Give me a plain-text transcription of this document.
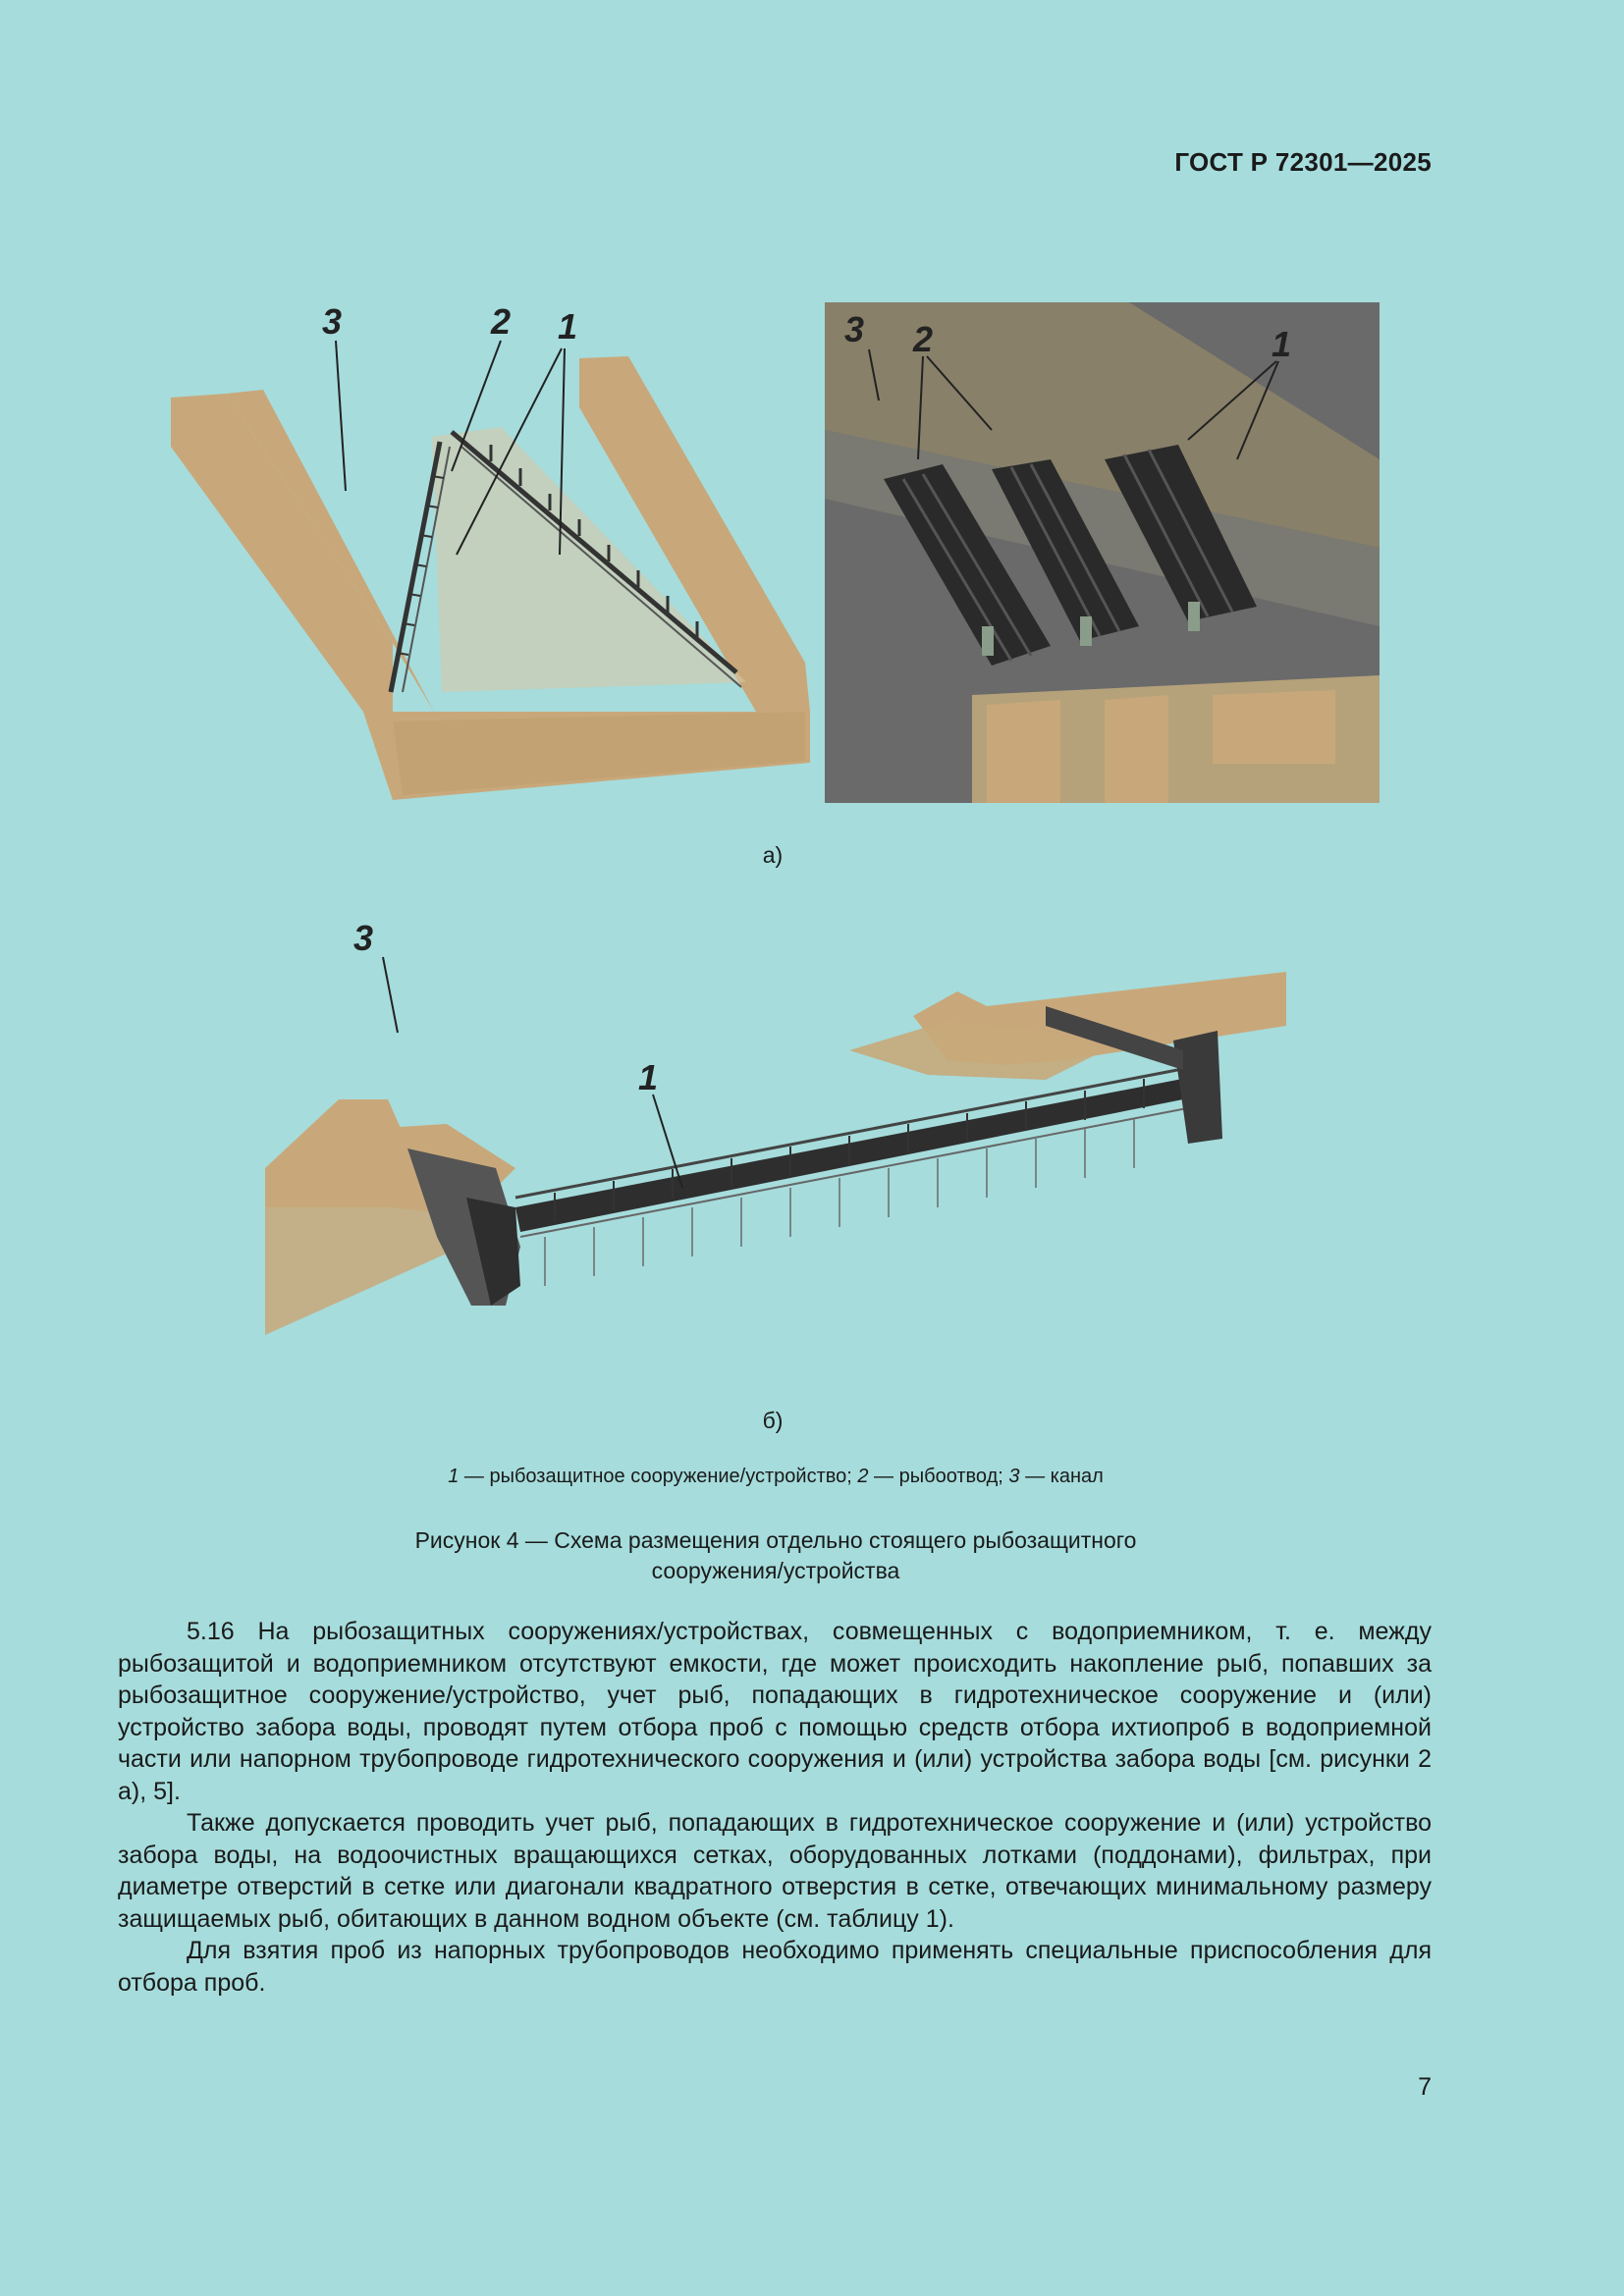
ГОСТ Р 72301—2025
3	2 1	3 2	1
а)
3
1
б)
1 — рыбозащитное сооружение/устройство; 2 — рыбоотвод; 3 — канал
Рисунок 4 — Схема размещения отдельно стоящего рыбозащитного
сооружения/устройства

5.16 На рыбозащитных сооружениях/устройствах, совмещенных с водоприемником, т. е. между рыбозащитой и водоприемником отсутствуют емкости, где может происходить накопление рыб, попавших за рыбозащитное сооружение/устройство, учет рыб, попадающих в гидротехническое сооружение и (или) устройство забора воды, проводят путем отбора проб с помощью средств отбора ихтиопроб в водоприемной части или напорном трубопроводе гидротехнического сооружения и (или) устройства забора воды [см. рисунки 2 а), 5].

Также допускается проводить учет рыб, попадающих в гидротехническое сооружение и (или) устройство забора воды, на водоочистных вращающихся сетках, оборудованных лотками (поддонами), фильтрах, при диаметре отверстий в сетке или диагонали квадратного отверстия в сетке, отвечающих минимальному размеру защищаемых рыб, обитающих в данном водном объекте (см. таблицу 1).

Для взятия проб из напорных трубопроводов необходимо применять специальные приспособления для отбора проб.

7
